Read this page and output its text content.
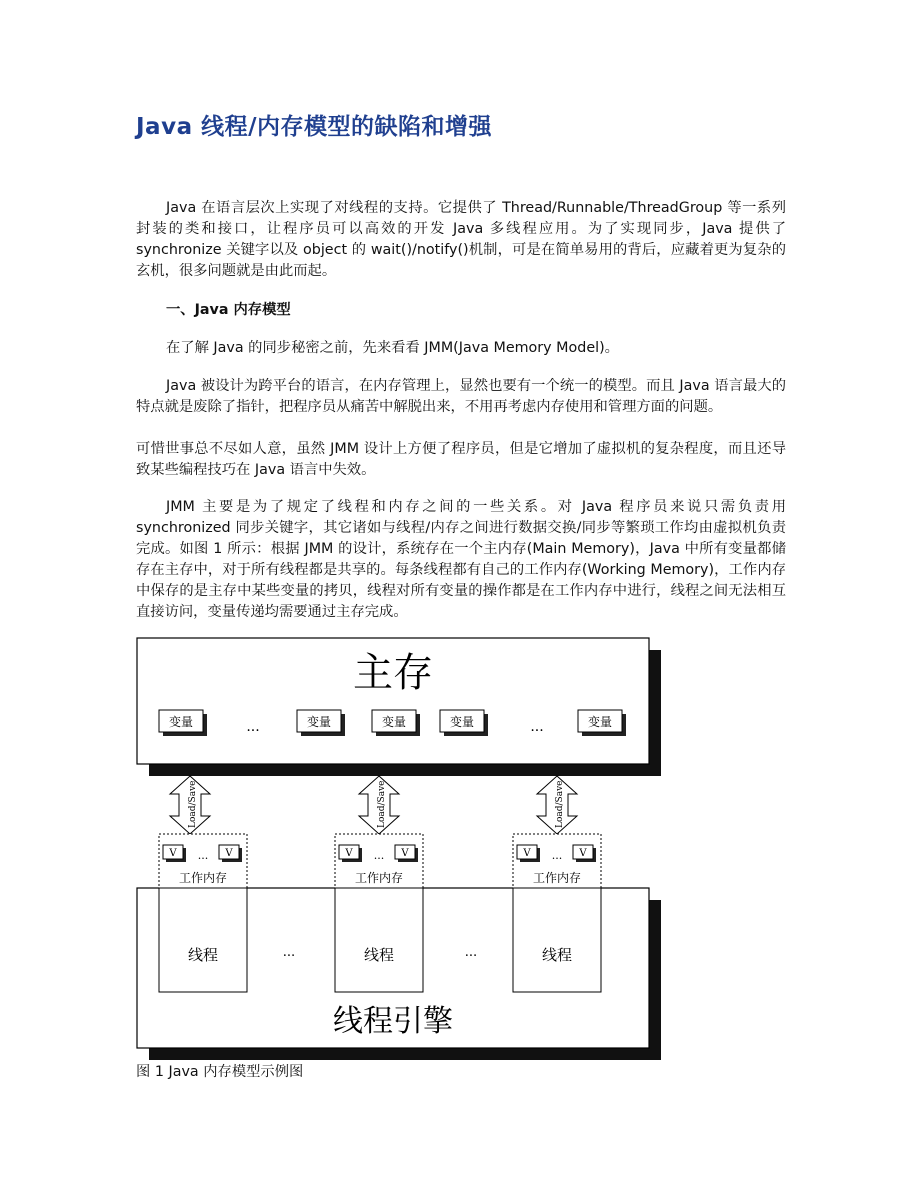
Java 线程/内存模型的缺陷和增强

Java 在语言层次上实现了对线程的支持。它提供了 Thread/Runnable/ThreadGroup 等一系列封装的类和接口，让程序员可以高效的开发 Java 多线程应用。为了实现同步，Java 提供了 synchronize 关键字以及 object 的 wait()/notify()机制，可是在简单易用的背后，应藏着更为复杂的玄机，很多问题就是由此而起。

一、Java 内存模型

在了解 Java 的同步秘密之前，先来看看 JMM(Java Memory Model)。

Java 被设计为跨平台的语言，在内存管理上，显然也要有一个统一的模型。而且 Java 语言最大的特点就是废除了指针，把程序员从痛苦中解脱出来，不用再考虑内存使用和管理方面的问题。

可惜世事总不尽如人意，虽然 JMM 设计上方便了程序员，但是它增加了虚拟机的复杂程度，而且还导致某些编程技巧在 Java 语言中失效。

JMM 主要是为了规定了线程和内存之间的一些关系。对 Java 程序员来说只需负责用 synchronized 同步关键字，其它诸如与线程/内存之间进行数据交换/同步等繁琐工作均由虚拟机负责完成。如图 1 所示：根据 JMM 的设计，系统存在一个主内存(Main Memory)，Java 中所有变量都储存在主存中，对于所有线程都是共享的。每条线程都有自己的工作内存(Working Memory)，工作内存中保存的是主存中某些变量的拷贝，线程对所有变量的操作都是在工作内存中进行，线程之间无法相互直接访问，变量传递均需要通过主存完成。

主存
变量	...	变量	变量	变量	...	变量
线程引擎
Load/Save
V ... V
工作内存
线程	...
Load/Save
V ... V
工作内存
线程	...
Load/Save
V ... V
工作内存
线程

图 1 Java 内存模型示例图
